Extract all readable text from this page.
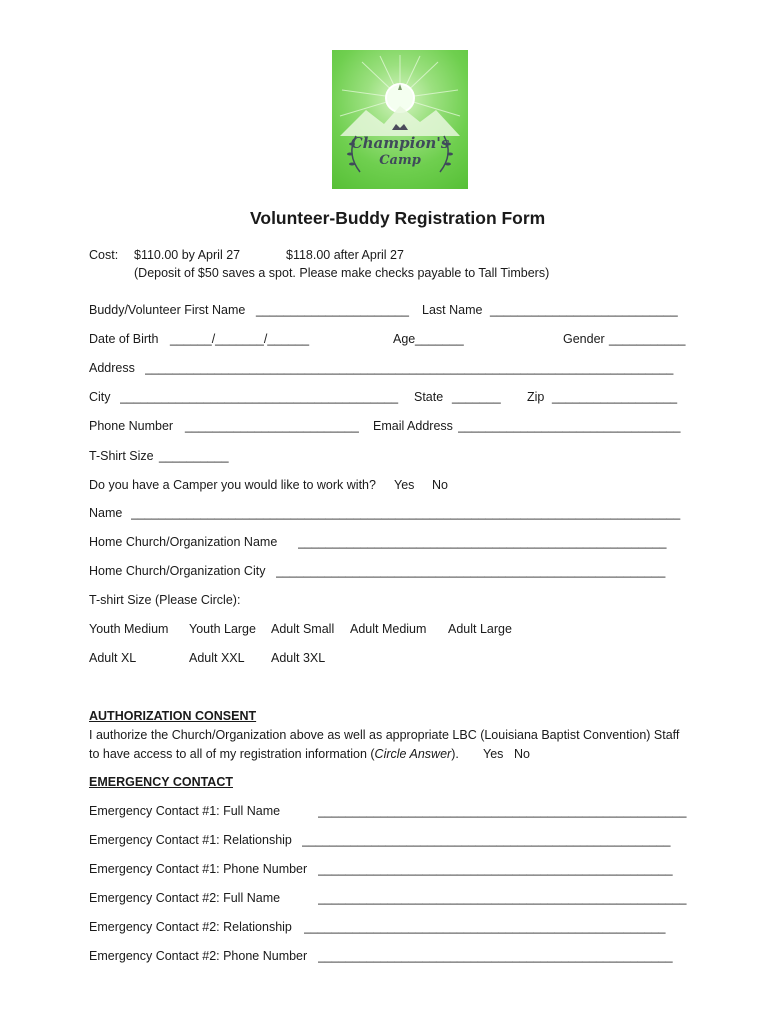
Champion's
Camp
Volunteer-Buddy Registration Form
Cost: $110.00 by April 27	$118.00 after April 27
(Deposit of $50 saves a spot. Please make checks payable to Tall Timbers)
Buddy/Volunteer First Name ______________________ Last Name ___________________________
Date of Birth ______/_______/______	Age _______	Gender ___________
Address ____________________________________________________________________________
City ________________________________________	State _______ Zip __________________
Phone Number _________________________ Email Address ________________________________
T-Shirt Size __________
Do you have a Camper you would like to work with? Yes No
Name _______________________________________________________________________________
Home Church/Organization Name _____________________________________________________
Home Church/Organization City ________________________________________________________
T-shirt Size (Please Circle):
Youth Medium Youth Large Adult Small Adult Medium Adult Large
Adult XL	Adult XXL Adult 3XL
AUTHORIZATION CONSENT
I authorize the Church/Organization above as well as appropriate LBC (Louisiana Baptist Convention) Staff
to have access to all of my registration information (Circle Answer). Yes No
EMERGENCY CONTACT
Emergency Contact #1: Full Name	_____________________________________________________
Emergency Contact #1: Relationship _____________________________________________________
Emergency Contact #1: Phone Number ___________________________________________________
Emergency Contact #2: Full Name	_____________________________________________________
Emergency Contact #2: Relationship ____________________________________________________
Emergency Contact #2: Phone Number ___________________________________________________
